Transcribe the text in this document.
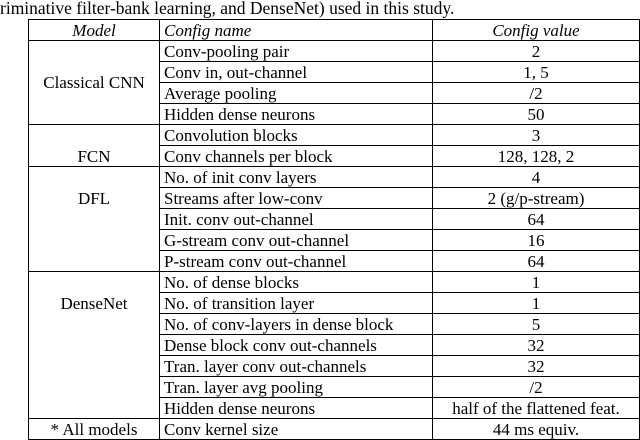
riminative filter-bank learning, and DenseNet) used in this study.
Model	Config name	Config value
Classical CNN	Conv-pooling pair	2
	Conv in, out-channel	1, 5
	Average pooling	/2
	Hidden dense neurons	50
FCN	Convolution blocks	3
	Conv channels per block	128, 128, 2
DFL	No. of init conv layers	4
	Streams after low-conv	2 (g/p-stream)
	Init. conv out-channel	64
	G-stream conv out-channel	16
	P-stream conv out-channel	64
DenseNet	No. of dense blocks	1
	No. of transition layer	1
	No. of conv-layers in dense block	5
	Dense block conv out-channels	32
	Tran. layer conv out-channels	32
	Tran. layer avg pooling	/2
	Hidden dense neurons	half of the flattened feat.
* All models	Conv kernel size	44 ms equiv.
